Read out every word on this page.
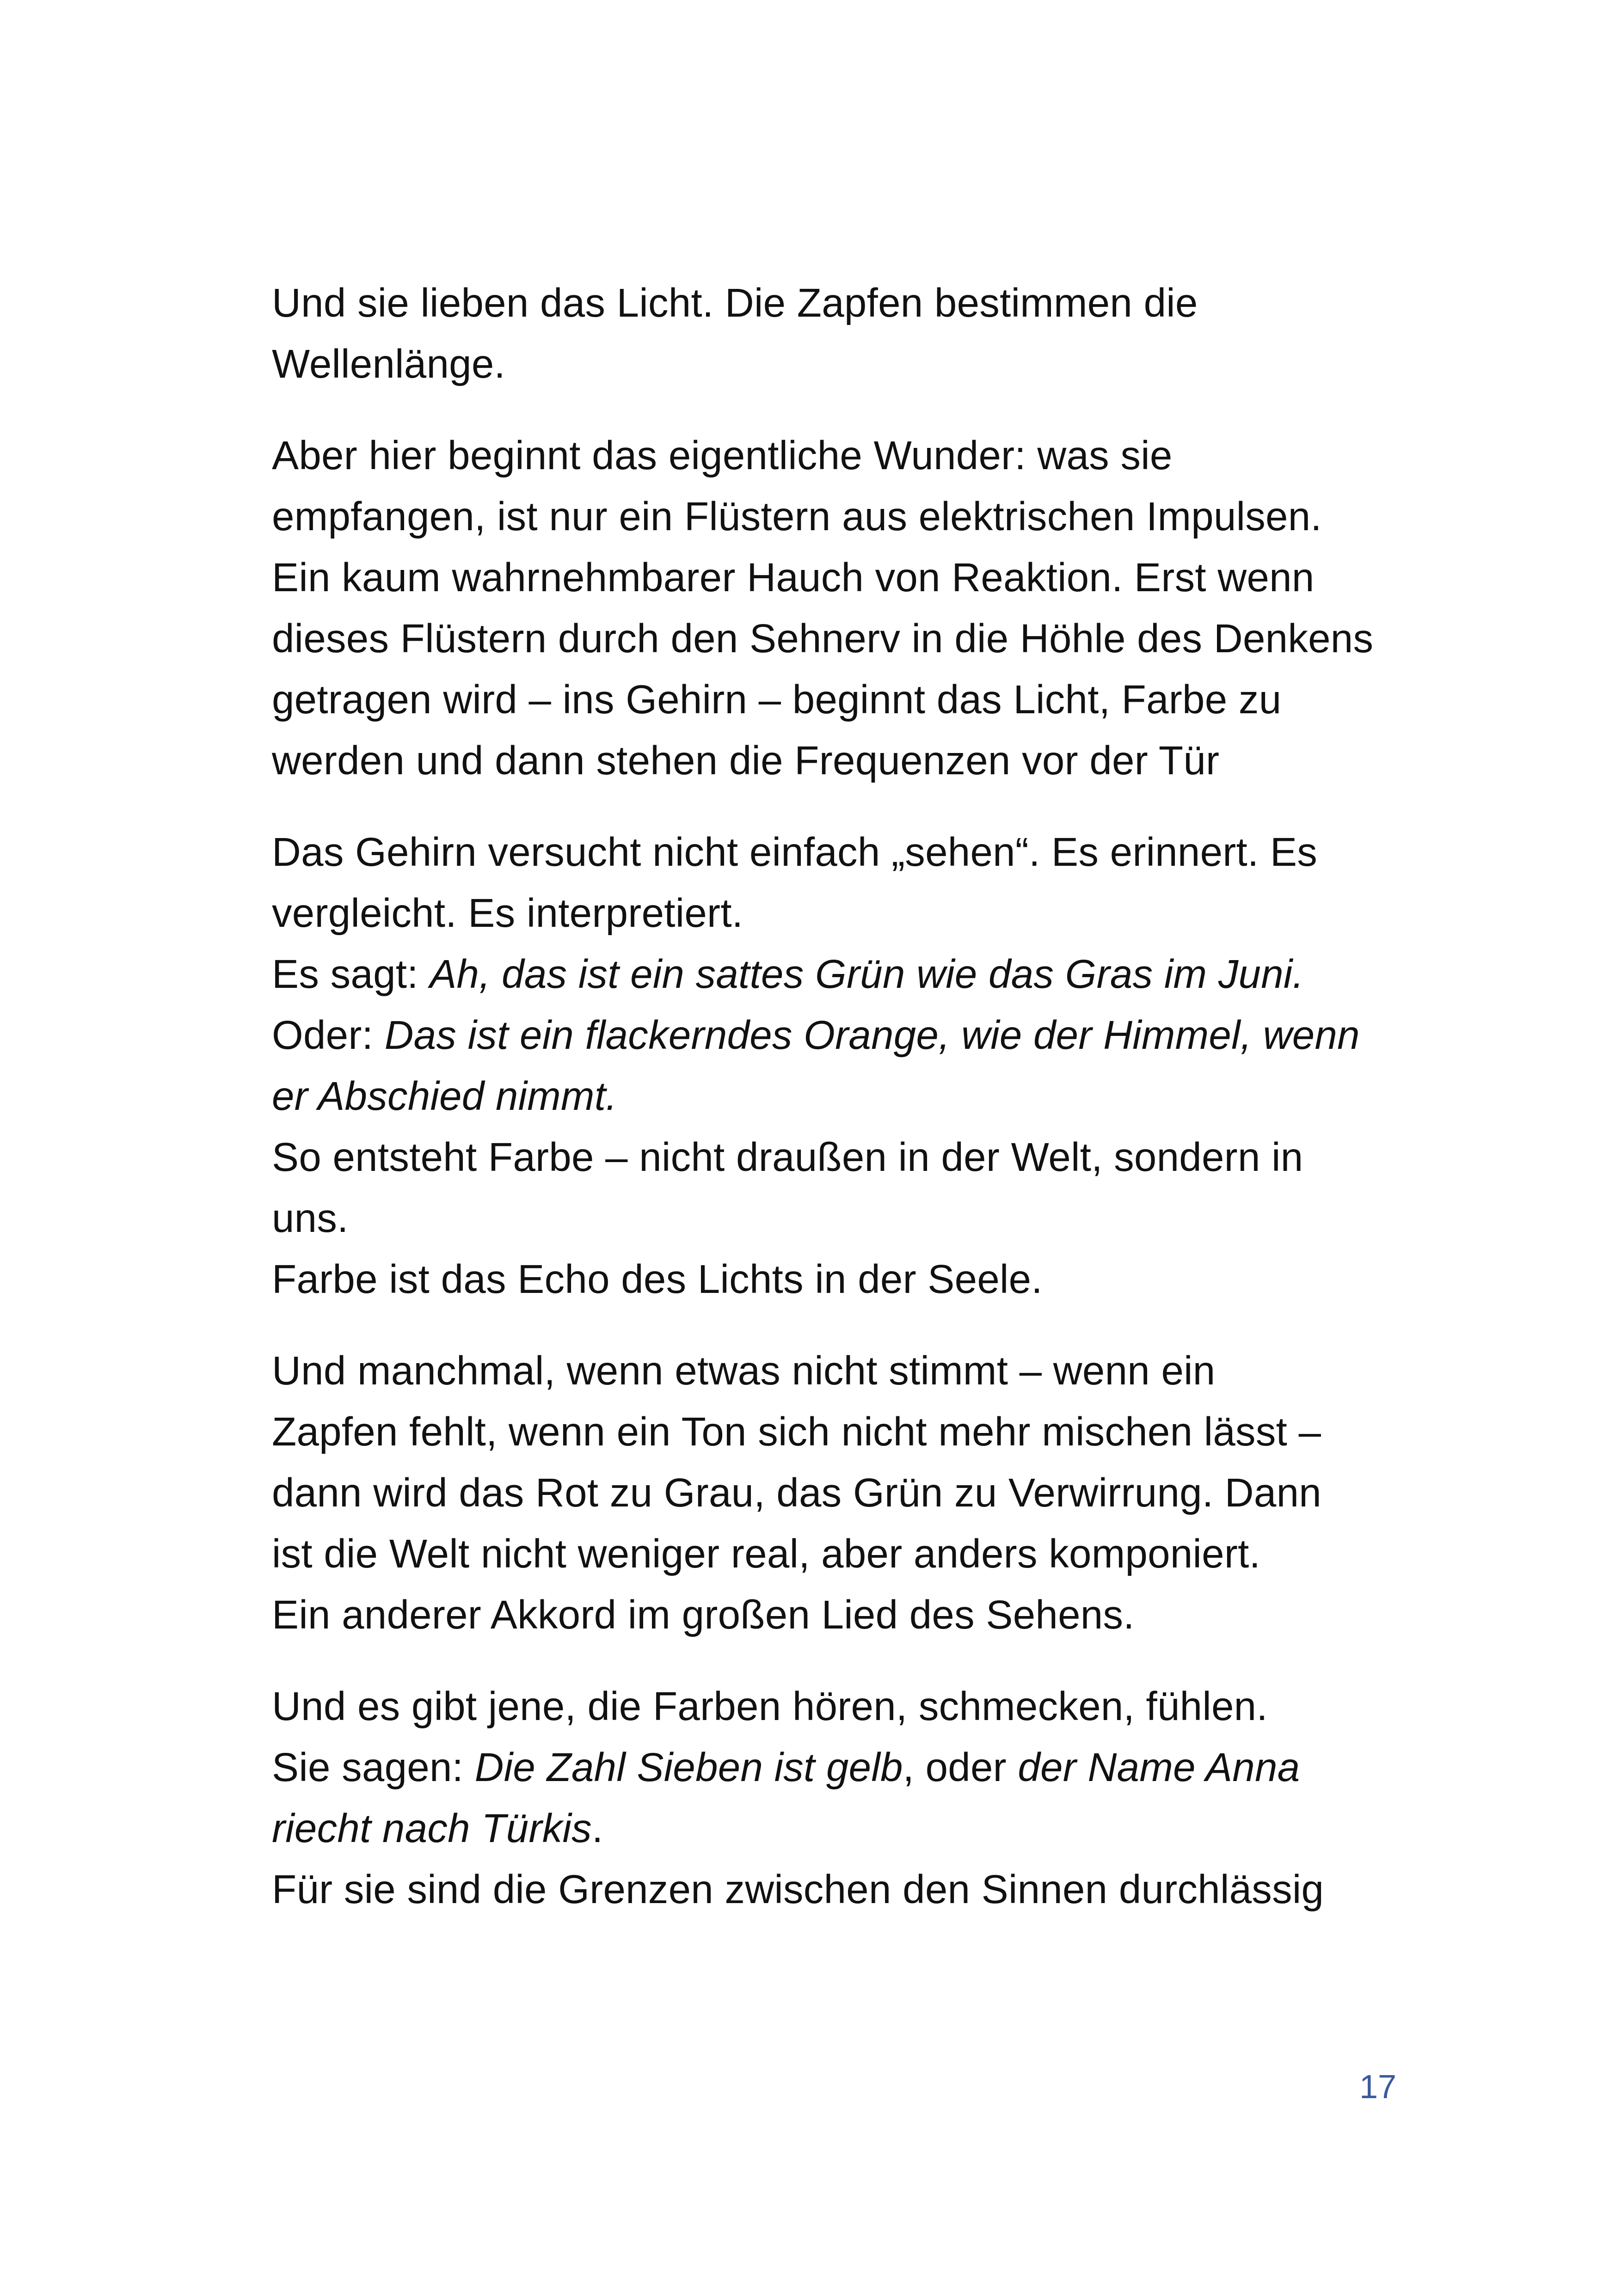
Und sie lieben das Licht. Die Zapfen bestimmen die
Wellenlänge.

Aber hier beginnt das eigentliche Wunder: was sie
empfangen, ist nur ein Flüstern aus elektrischen Impulsen.
Ein kaum wahrnehmbarer Hauch von Reaktion. Erst wenn
dieses Flüstern durch den Sehnerv in die Höhle des Denkens
getragen wird – ins Gehirn – beginnt das Licht, Farbe zu
werden und dann stehen die Frequenzen vor der Tür

Das Gehirn versucht nicht einfach „sehen“. Es erinnert. Es
vergleicht. Es interpretiert.
Es sagt: Ah, das ist ein sattes Grün wie das Gras im Juni.
Oder: Das ist ein flackerndes Orange, wie der Himmel, wenn
er Abschied nimmt.
So entsteht Farbe – nicht draußen in der Welt, sondern in
uns.
Farbe ist das Echo des Lichts in der Seele.

Und manchmal, wenn etwas nicht stimmt – wenn ein
Zapfen fehlt, wenn ein Ton sich nicht mehr mischen lässt –
dann wird das Rot zu Grau, das Grün zu Verwirrung. Dann
ist die Welt nicht weniger real, aber anders komponiert.
Ein anderer Akkord im großen Lied des Sehens.

Und es gibt jene, die Farben hören, schmecken, fühlen.
Sie sagen: Die Zahl Sieben ist gelb, oder der Name Anna
riecht nach Türkis.
Für sie sind die Grenzen zwischen den Sinnen durchlässig

17
